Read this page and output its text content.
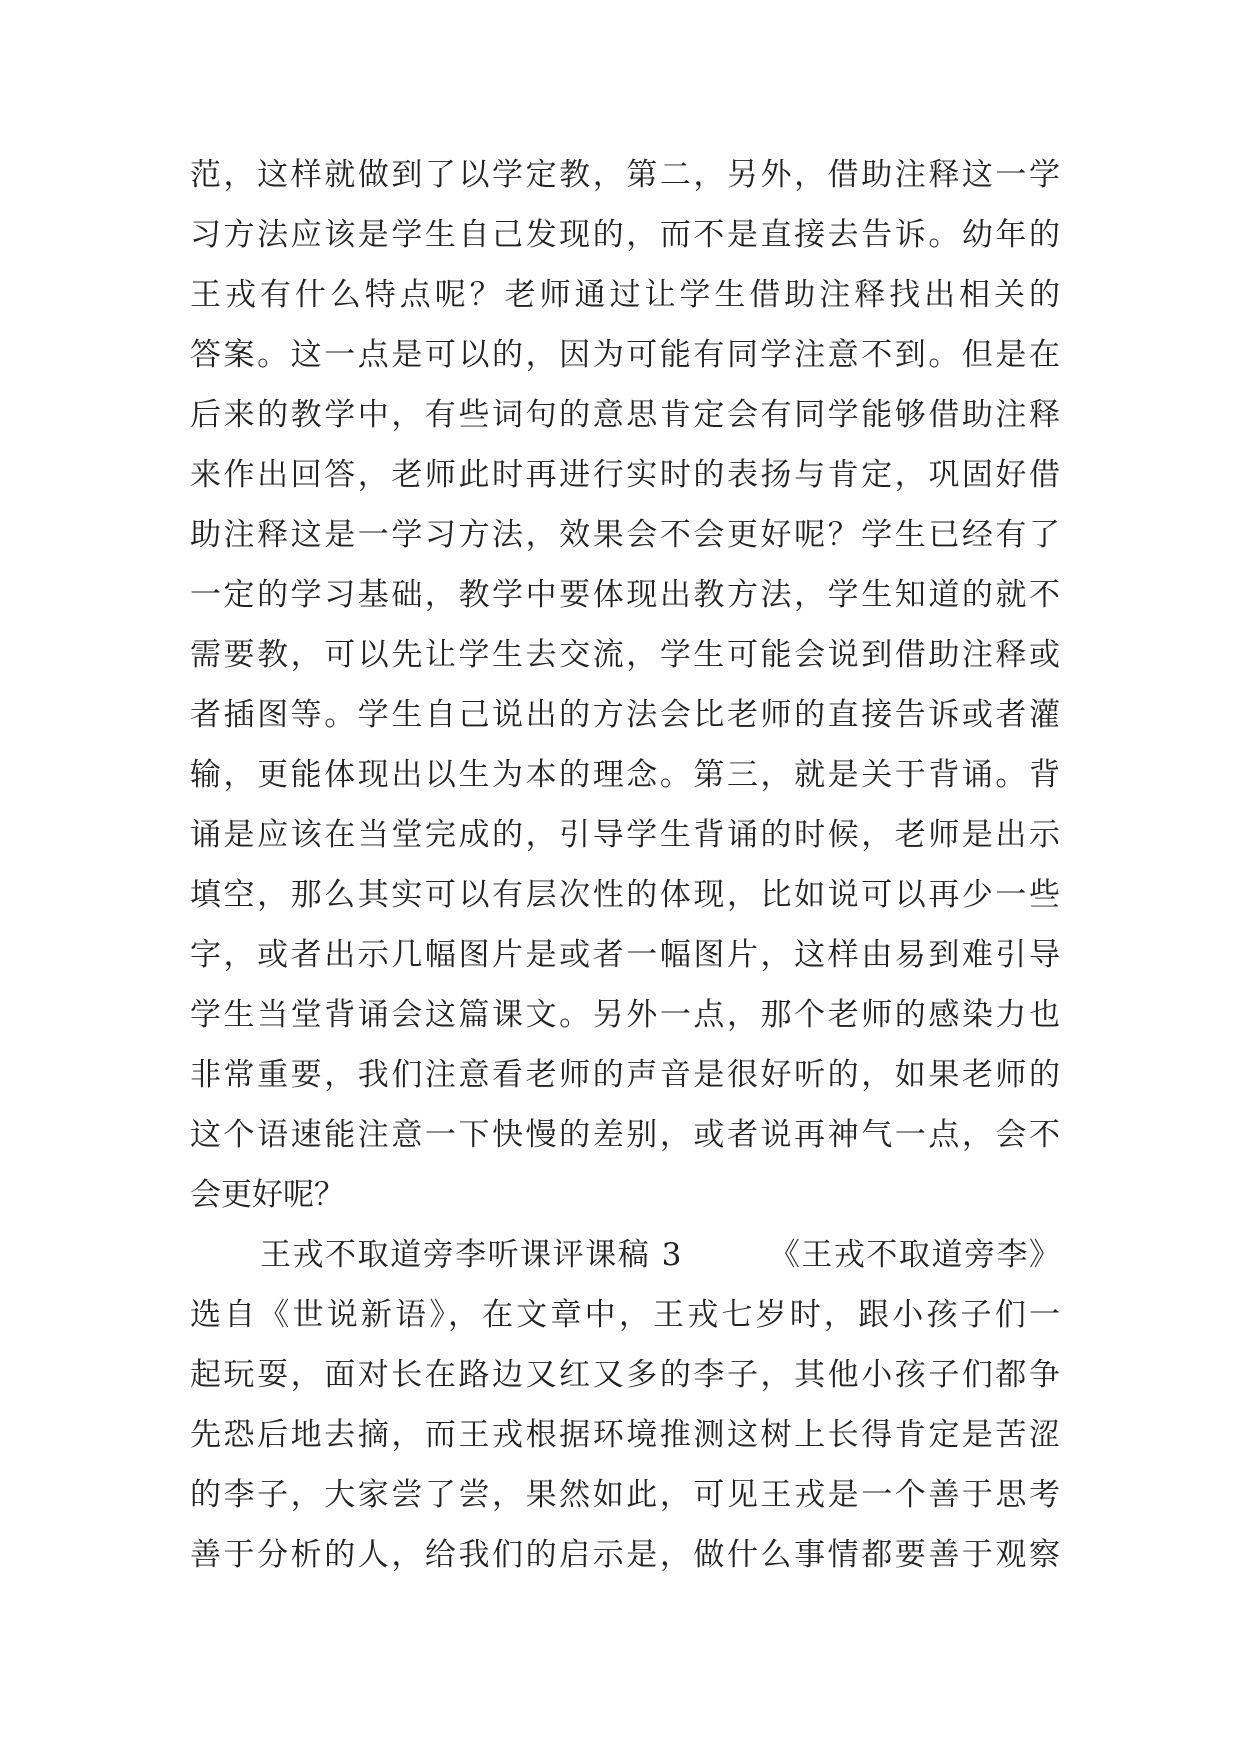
范，这样就做到了以学定教，第二，另外，借助注释这一学
习方法应该是学生自己发现的，而不是直接去告诉。幼年的
王戎有什么特点呢？老师通过让学生借助注释找出相关的
答案。这一点是可以的，因为可能有同学注意不到。但是在
后来的教学中，有些词句的意思肯定会有同学能够借助注释
来作出回答，老师此时再进行实时的表扬与肯定，巩固好借
助注释这是一学习方法，效果会不会更好呢？学生已经有了
一定的学习基础，教学中要体现出教方法，学生知道的就不
需要教，可以先让学生去交流，学生可能会说到借助注释或
者插图等。学生自己说出的方法会比老师的直接告诉或者灌
输，更能体现出以生为本的理念。第三，就是关于背诵。背
诵是应该在当堂完成的，引导学生背诵的时候，老师是出示
填空，那么其实可以有层次性的体现，比如说可以再少一些
字，或者出示几幅图片是或者一幅图片，这样由易到难引导
学生当堂背诵会这篇课文。另外一点，那个老师的感染力也
非常重要，我们注意看老师的声音是很好听的，如果老师的
这个语速能注意一下快慢的差别，或者说再神气一点，会不
会更好呢？
王戎不取道旁李听课评课稿 3	《王戎不取道旁李》
选自《世说新语》，在文章中，王戎七岁时，跟小孩子们一
起玩耍，面对长在路边又红又多的李子，其他小孩子们都争
先恐后地去摘，而王戎根据环境推测这树上长得肯定是苦涩
的李子，大家尝了尝，果然如此，可见王戎是一个善于思考
善于分析的人，给我们的启示是，做什么事情都要善于观察
